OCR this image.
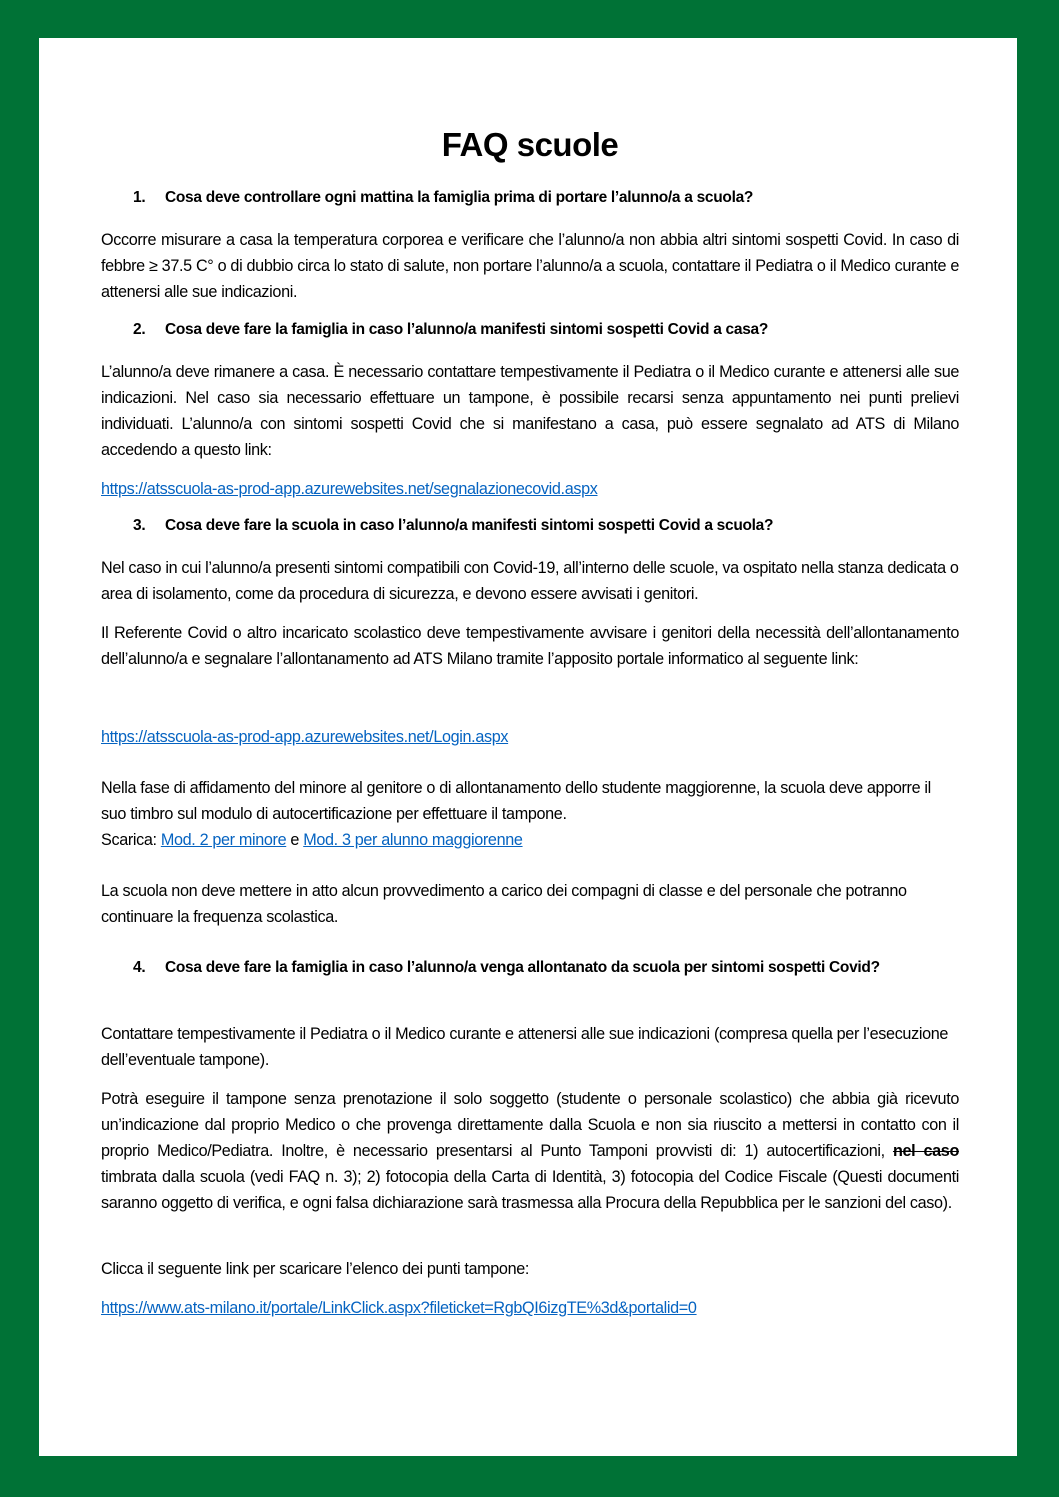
FAQ scuole
1. Cosa deve controllare ogni mattina la famiglia prima di portare l’alunno/a a scuola?
Occorre misurare a casa la temperatura corporea e verificare che l’alunno/a non abbia altri sintomi sospetti Covid. In caso di febbre ≥ 37.5 C° o di dubbio circa lo stato di salute, non portare l’alunno/a a scuola, contattare il Pediatra o il Medico curante e attenersi alle sue indicazioni.
2. Cosa deve fare la famiglia in caso l’alunno/a manifesti sintomi sospetti Covid a casa?
L’alunno/a deve rimanere a casa. È necessario contattare tempestivamente il Pediatra o il Medico curante e attenersi alle sue indicazioni. Nel caso sia necessario effettuare un tampone, è possibile recarsi senza appuntamento nei punti prelievi individuati. L’alunno/a con sintomi sospetti Covid che si manifestano a casa, può essere segnalato ad ATS di Milano accedendo a questo link:
https://atsscuola-as-prod-app.azurewebsites.net/segnalazionecovid.aspx
3. Cosa deve fare la scuola in caso l’alunno/a manifesti sintomi sospetti Covid a scuola?
Nel caso in cui l’alunno/a presenti sintomi compatibili con Covid-19, all’interno delle scuole, va ospitato nella stanza dedicata o area di isolamento, come da procedura di sicurezza, e devono essere avvisati i genitori.
Il Referente Covid o altro incaricato scolastico deve tempestivamente avvisare i genitori della necessità dell’allontanamento dell’alunno/a e segnalare l’allontanamento ad ATS Milano tramite l’apposito portale informatico al seguente link:
https://atsscuola-as-prod-app.azurewebsites.net/Login.aspx
Nella fase di affidamento del minore al genitore o di allontanamento dello studente maggiorenne, la scuola deve apporre il suo timbro sul modulo di autocertificazione per effettuare il tampone.
Scarica: Mod. 2 per minore e Mod. 3 per alunno maggiorenne
La scuola non deve mettere in atto alcun provvedimento a carico dei compagni di classe e del personale che potranno continuare la frequenza scolastica.
4. Cosa deve fare la famiglia in caso l’alunno/a venga allontanato da scuola per sintomi sospetti Covid?
Contattare tempestivamente il Pediatra o il Medico curante e attenersi alle sue indicazioni (compresa quella per l’esecuzione dell’eventuale tampone).
Potrà eseguire il tampone senza prenotazione il solo soggetto (studente o personale scolastico) che abbia già ricevuto un’indicazione dal proprio Medico o che provenga direttamente dalla Scuola e non sia riuscito a mettersi in contatto con il proprio Medico/Pediatra. Inoltre, è necessario presentarsi al Punto Tamponi provvisti di: 1) autocertificazioni, nel caso timbrata dalla scuola (vedi FAQ n. 3); 2) fotocopia della Carta di Identità, 3) fotocopia del Codice Fiscale (Questi documenti saranno oggetto di verifica, e ogni falsa dichiarazione sarà trasmessa alla Procura della Repubblica per le sanzioni del caso).
Clicca il seguente link per scaricare l’elenco dei punti tampone:
https://www.ats-milano.it/portale/LinkClick.aspx?fileticket=RgbQI6izgTE%3d&portalid=0
